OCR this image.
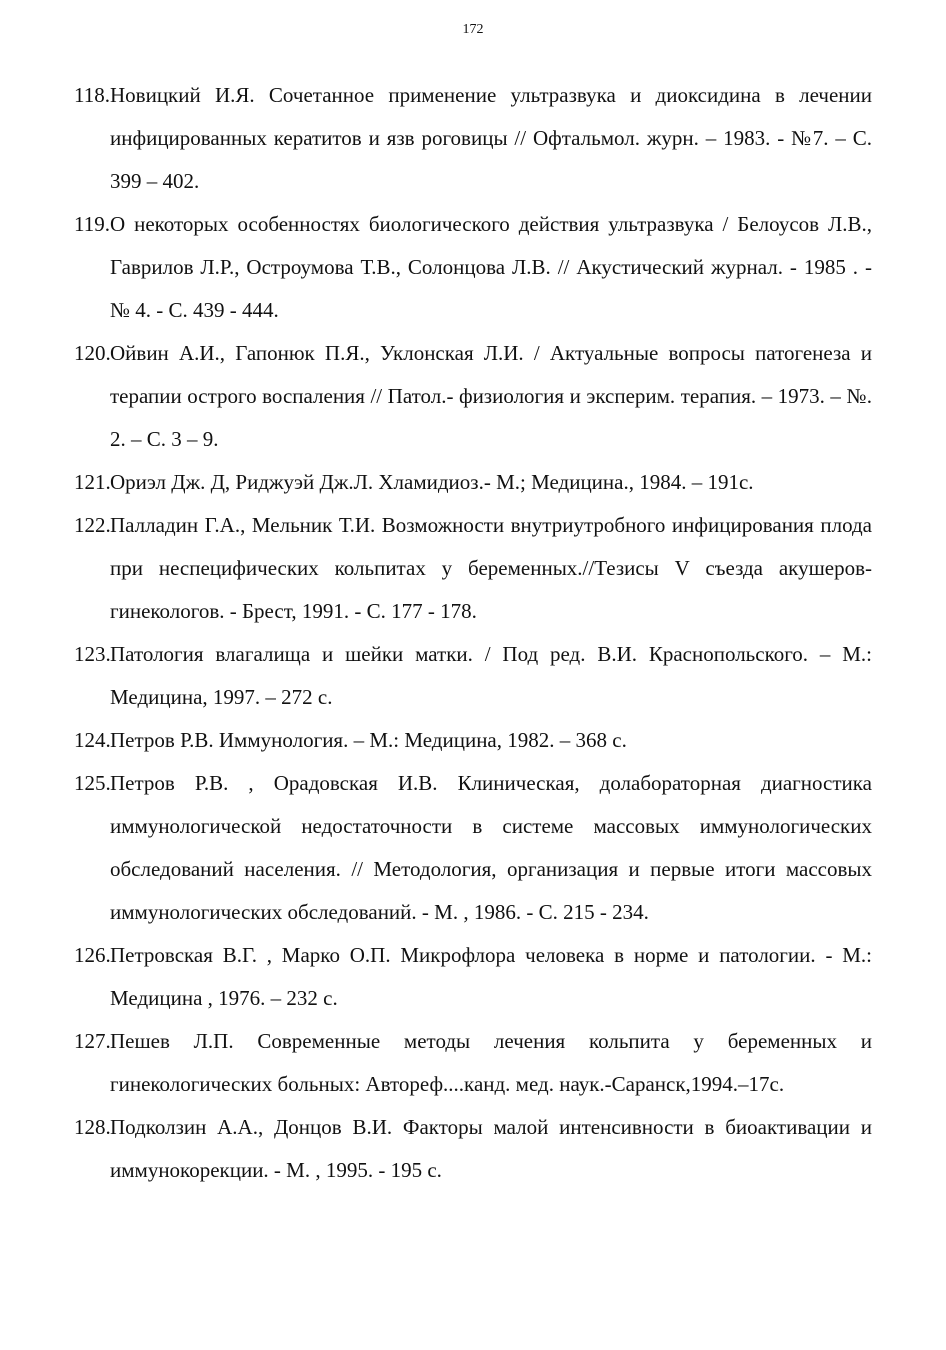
172
118. Новицкий И.Я. Сочетанное применение ультразвука и диоксидина в лечении инфицированных кератитов и язв роговицы // Офтальмол. журн. – 1983. - №7. – С. 399 – 402.
119. О некоторых особенностях биологического действия ультразвука / Белоусов Л.В., Гаврилов Л.Р., Остроумова Т.В., Солонцова Л.В. // Акустический журнал. - 1985 . - № 4. - С. 439 - 444.
120. Ойвин А.И., Гапонюк П.Я., Уклонская Л.И. / Актуальные вопросы патогенеза и терапии острого воспаления // Патол.- физиология и эксперим. терапия. – 1973. – №. 2. – С. 3 – 9.
121. Ориэл Дж. Д, Риджуэй Дж.Л. Хламидиоз.- М.; Медицина., 1984. – 191с.
122. Палладин Г.А., Мельник Т.И. Возможности внутриутробного инфицирования плода при неспецифических кольпитах у беременных.//Тезисы V съезда акушеров-гинекологов. - Брест, 1991. - С. 177 - 178.
123. Патология влагалища и шейки матки. / Под ред. В.И. Краснопольского. – М.: Медицина, 1997. – 272 с.
124. Петров Р.В. Иммунология. – М.: Медицина, 1982. – 368 с.
125. Петров Р.В. , Орадовская И.В. Клиническая, долабораторная диагностика иммунологической недостаточности в системе массовых иммунологических обследований населения. // Методология, организация и первые итоги массовых иммунологических обследований. - М. , 1986. - С. 215 - 234.
126. Петровская В.Г. , Марко О.П. Микрофлора человека в норме и патологии. - М.: Медицина , 1976. – 232 с.
127. Пешев Л.П. Современные методы лечения кольпита у беременных и гинекологических больных: Автореф....канд. мед. наук.-Саранск,1994.–17с.
128. Подколзин А.А., Донцов В.И. Факторы малой интенсивности в биоактивации и иммунокорекции. - М. , 1995. - 195 с.
